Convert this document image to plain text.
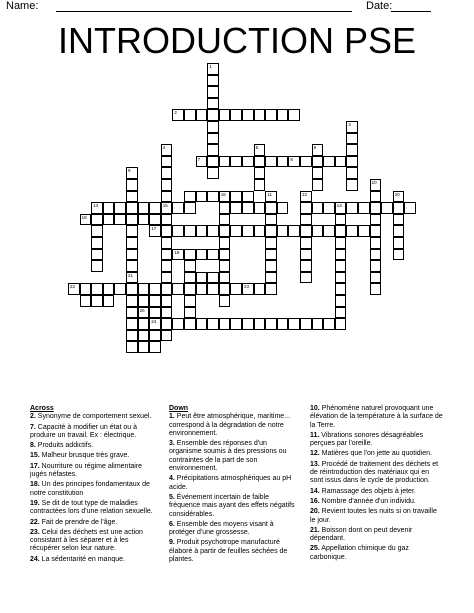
Name:	Date:
INTRODUCTION PSE
1
2
3
4
15
5	6
7	8
9
21
10
14
16
13
11	12
18
17
19
20
22	23
24
25
Across
2. Synonyme de comportement sexuel.
7. Capacité à modifier un état ou à produire un travail. Ex : électrique.
8. Produits addictifs.
15. Malheur brusque très grave.
17. Nourriture ou régime alimentaire jugés néfastes.
18. Un des principes fondamentaux de notre constitution
19. Se dit de tout type de maladies contractées lors d'une relation sexuelle.
22. Fait de prendre de l'âge.
23. Celui des déchets est une action consistant à les séparer et à les récupérer selon leur nature.
24. La sédentarité en manque.
Down
1. Peut être atmosphérique, maritime... correspond à la dégradation de notre environnement.
3. Ensemble des réponses d'un organisme soumis à des pressions ou contraintes de la part de son environnement.
4. Précipitations atmosphériques au pH acide.
5. Événement incertain de faible fréquence mais ayant des effets négatifs considérables.
6. Ensemble des moyens visant à protéger d'une grossesse.
9. Produit psychotrope manufacturé élaboré à partir de feuilles séchées de plantes.
10. Phénomène naturel provoquant une élévation de la température à la surface de la Terre.
11. Vibrations sonores désagréables perçues par l'oreille.
12. Matières que l'on jette au quotidien.
13. Procédé de traitement des déchets et de réintroduction des matériaux qui en sont issus dans le cycle de production.
14. Ramassage des objets à jeter.
16. Nombre d'année d'un individu.
20. Revient toutes les nuits si on travaille le jour.
21. Boisson dont on peut devenir dépendant.
25. Appellation chimique du gaz carbonique.
